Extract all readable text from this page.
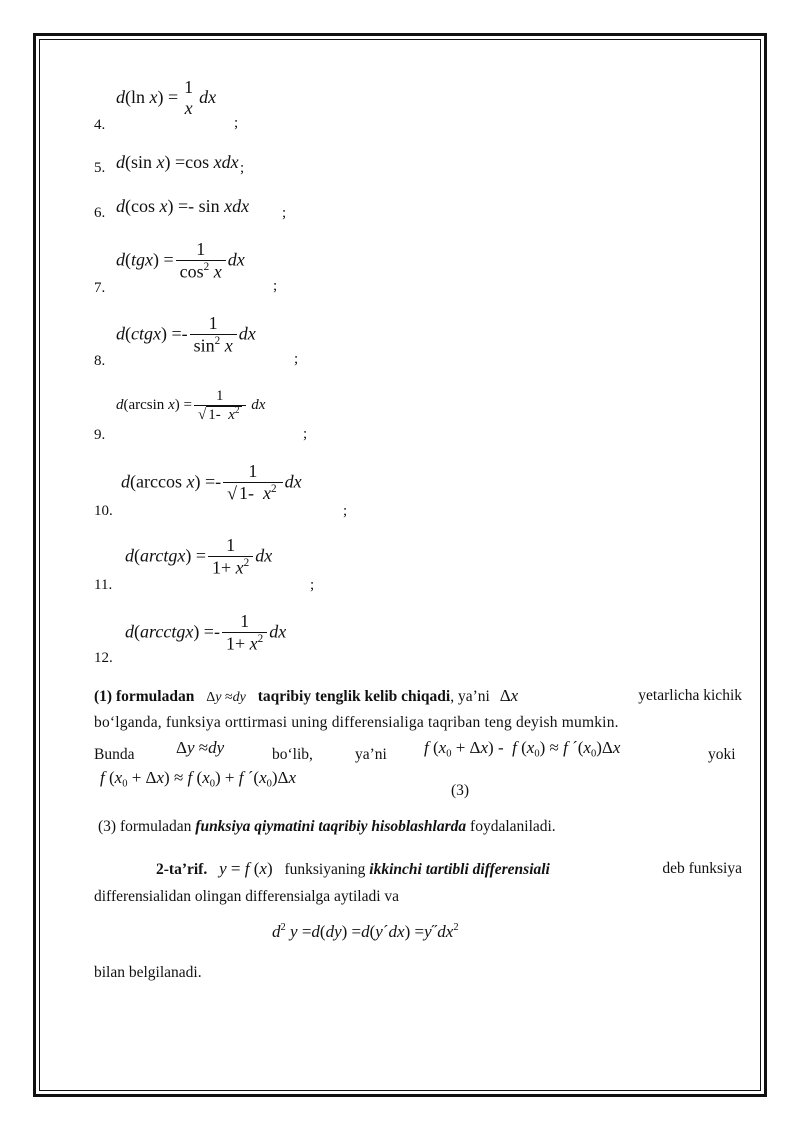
d(ln x) = 1
x
dx
4.	;
d(sin x) =cos xdx
5.	;
d(cos x) =- sin xdx
6.	;
$d(tgx) = \frac{1}{\cos^2 x}$ dx
7.	;
d(ctgx) =- $\frac{1}{\sin^2 x}$ dx
8.	;
d(arcsin $x) = \frac{1}{√ 1- x^2}$ dx
9.	;
d(arccos $x) =- \frac{1}{√ 1- x^2}$ dx
10.	;
d(arctgx) = $\frac{1}{1+ x^2}$ dx
11.	;
d(arcctgx) =- $\frac{1}{1+ x^2}$ dx
12.
(1) formuladan Δy ≈dy taqribiy tenglik kelib chiqadi, ya’ni Δx	yetarlicha kichik
bo‘lganda, funksiya orttirmasi uning differensialiga taqriban teng deyish mumkin.
Bunda Δy ≈dy	bo‘lib,	ya’ni f $(x_0 + \Delta x) - f$ $(x_0) \approx f$ $´(x_0)\Delta x$	yoki
f $(x_0 + \Delta x) \approx f$ $(x_0) + f$ $´(x_0)\Delta x$
(3)
(3) formuladan funksiya qiymatini taqribiy hisoblashlarda foydalaniladi.
2-ta’rif. y = f (x) funksiyaning ikkinchi tartibli differensiali	deb funksiya
differensialidan olingan differensialga aytiladi va
$d^2$ y =d(dy) =d(y´dx) $=y˝dx^2$
bilan belgilanadi.
